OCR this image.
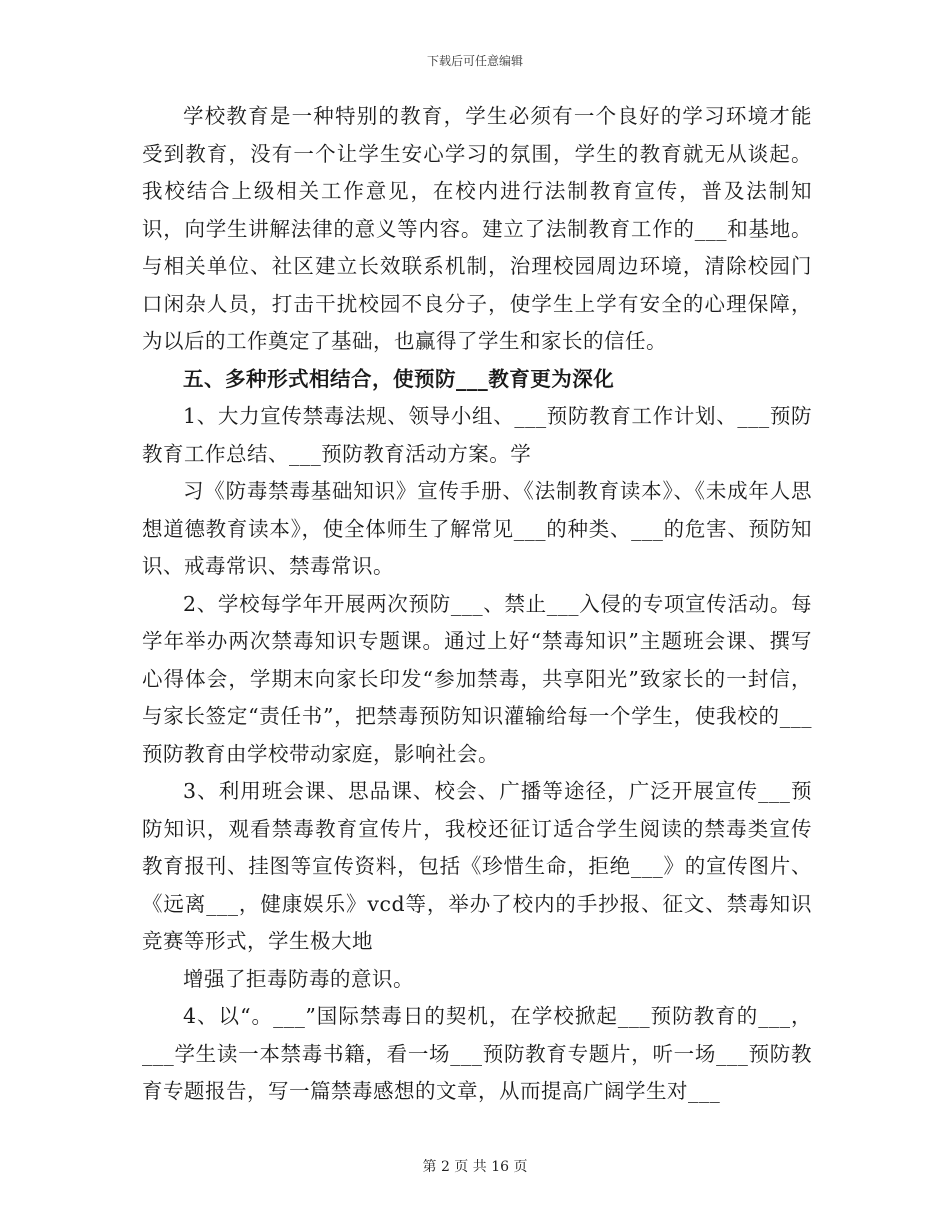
下载后可任意编辑

学校教育是一种特别的教育，学生必须有一个良好的学习环境才能受到教育，没有一个让学生安心学习的氛围，学生的教育就无从谈起。我校结合上级相关工作意见，在校内进行法制教育宣传，普及法制知识，向学生讲解法律的意义等内容。建立了法制教育工作的___和基地。与相关单位、社区建立长效联系机制，治理校园周边环境，清除校园门口闲杂人员，打击干扰校园不良分子，使学生上学有安全的心理保障，为以后的工作奠定了基础，也赢得了学生和家长的信任。

五、多种形式相结合，使预防___教育更为深化

1、大力宣传禁毒法规、领导小组、___预防教育工作计划、___预防教育工作总结、___预防教育活动方案。学

习《防毒禁毒基础知识》宣传手册、《法制教育读本》、《未成年人思想道德教育读本》，使全体师生了解常见___的种类、___的危害、预防知识、戒毒常识、禁毒常识。

2、学校每学年开展两次预防___、禁止___入侵的专项宣传活动。每学年举办两次禁毒知识专题课。通过上好“禁毒知识”主题班会课、撰写心得体会，学期末向家长印发“参加禁毒，共享阳光”致家长的一封信，与家长签定“责任书”，把禁毒预防知识灌输给每一个学生，使我校的___预防教育由学校带动家庭，影响社会。

3、利用班会课、思品课、校会、广播等途径，广泛开展宣传___预防知识，观看禁毒教育宣传片，我校还征订适合学生阅读的禁毒类宣传教育报刊、挂图等宣传资料，包括《珍惜生命，拒绝___》的宣传图片、《远离___，健康娱乐》vcd等，举办了校内的手抄报、征文、禁毒知识竞赛等形式，学生极大地

增强了拒毒防毒的意识。

4、以“。___”国际禁毒日的契机，在学校掀起___预防教育的___，___学生读一本禁毒书籍，看一场___预防教育专题片，听一场___预防教育专题报告，写一篇禁毒感想的文章，从而提高广阔学生对___

第 2 页 共 16 页
